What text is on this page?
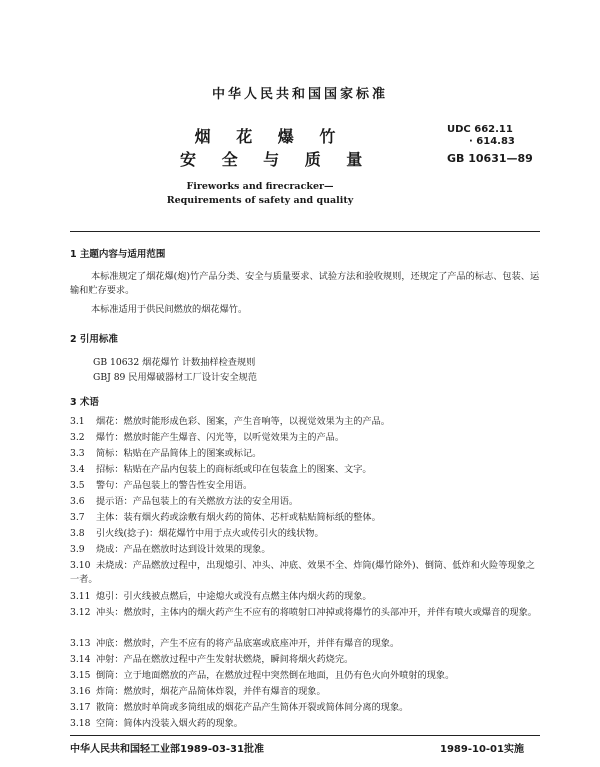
中华人民共和国国家标准
烟 花 爆 竹
安 全 与 质 量
UDC 662.11
· 614.83
GB 10631—89
Fireworks and firecracker—
Requirements of safety and quality
1 主题内容与适用范围
本标准规定了烟花爆(炮)竹产品分类、安全与质量要求、试验方法和验收规则，还规定了产品的标志、包装、运输和贮存要求。
本标准适用于供民间燃放的烟花爆竹。
2 引用标准
GB 10632 烟花爆竹 计数抽样检查规则
GBJ 89 民用爆破器材工厂设计安全规范
3 术语
3.1 烟花：燃放时能形成色彩、图案，产生音响等，以视觉效果为主的产品。
3.2 爆竹：燃放时能产生爆音、闪光等，以听觉效果为主的产品。
3.3 简标：粘贴在产品简体上的图案或标记。
3.4 招标：粘贴在产品内包装上的商标纸或印在包装盒上的图案、文字。
3.5 警句：产品包装上的警告性安全用语。
3.6 提示语：产品包装上的有关燃放方法的安全用语。
3.7 主体：装有烟火药或涂敷有烟火药的简体、芯杆或粘贴简标纸的整体。
3.8 引火线(捻子)：烟花爆竹中用于点火或传引火的线状物。
3.9 烧成：产品在燃放时达到设计效果的现象。
3.10 未烧成：产品燃放过程中，出现熄引、冲头、冲底、效果不全、炸筒(爆竹除外)、倒筒、低炸和火险等现象之一者。
3.11 熄引：引火线被点燃后，中途熄火或没有点燃主体内烟火药的现象。
3.12 冲头：燃放时，主体内的烟火药产生不应有的将喷射口冲掉或将爆竹的头部冲开，并伴有喷火或爆音的现象。
3.13 冲底：燃放时，产生不应有的将产品底塞或底座冲开，并伴有爆音的现象。
3.14 冲射：产品在燃放过程中产生发射状燃烧，瞬间将烟火药烧完。
3.15 倒筒：立于地面燃放的产品，在燃放过程中突然倒在地面，且仍有色火向外喷射的现象。
3.16 炸筒：燃放时，烟花产品简体炸裂，并伴有爆音的现象。
3.17 散筒：燃放时单筒或多筒组成的烟花产品产生简体开裂或简体间分离的现象。
3.18 空筒：简体内没装入烟火药的现象。
中华人民共和国轻工业部1989-03-31批准	1989-10-01实施
